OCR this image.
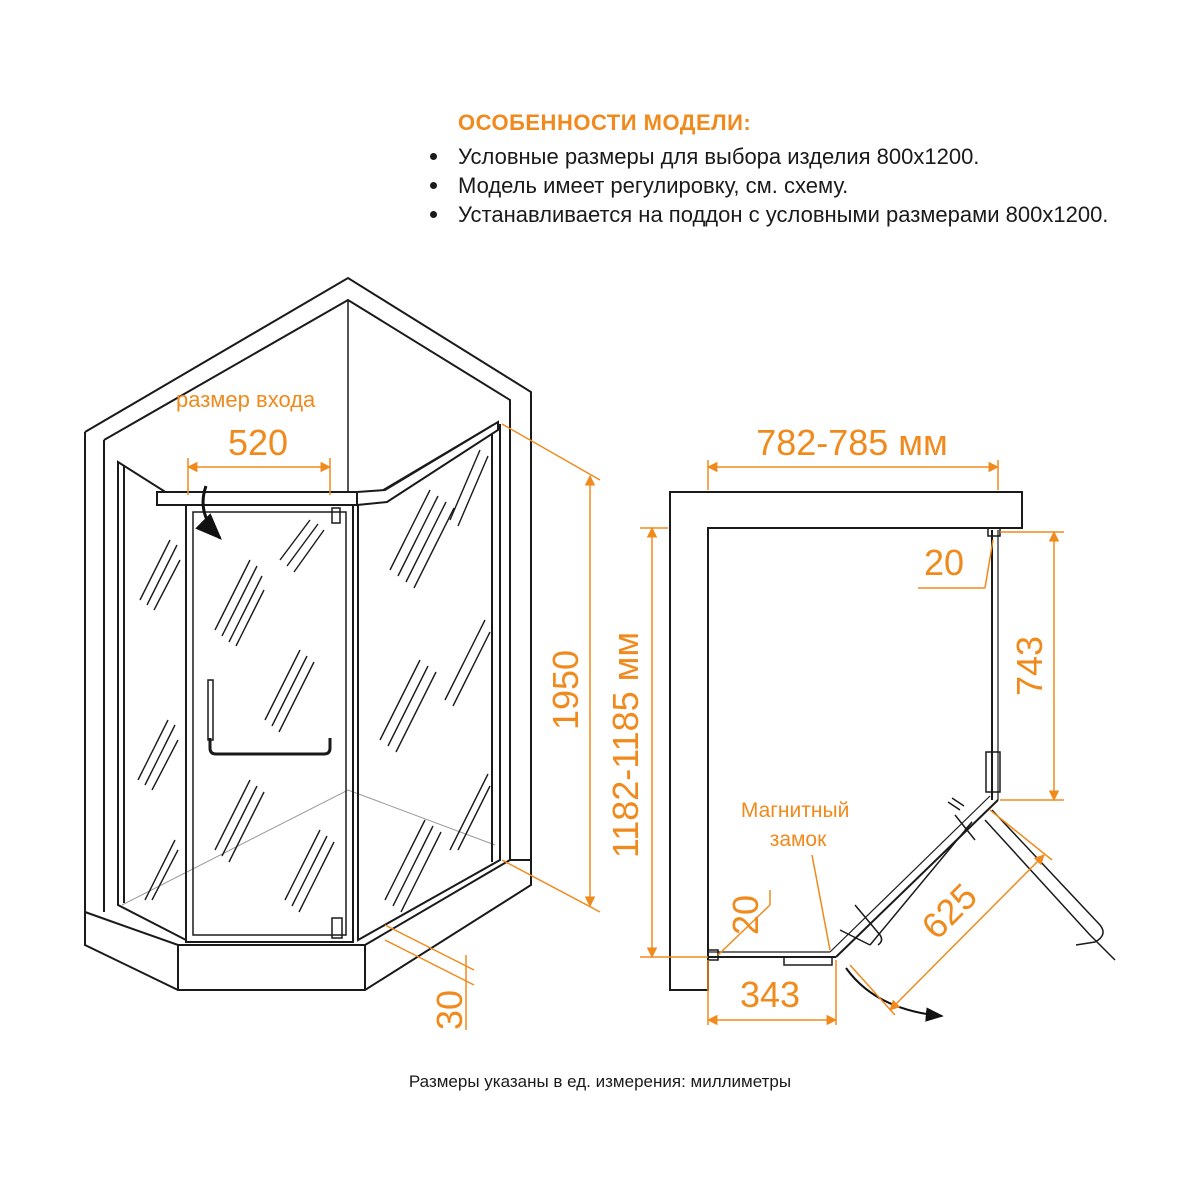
ОСОБЕННОСТИ МОДЕЛИ:
Условные размеры для выбора изделия 800х1200.
Модель имеет регулировку, см. схему.
Устанавливается на поддон с условными размерами 800х1200.
размер входа
520
1950
30
782-785 мм
1182-1185 мм
20
743
20
343
625
Магнитный замок
Размеры указаны в ед. измерения: миллиметры
